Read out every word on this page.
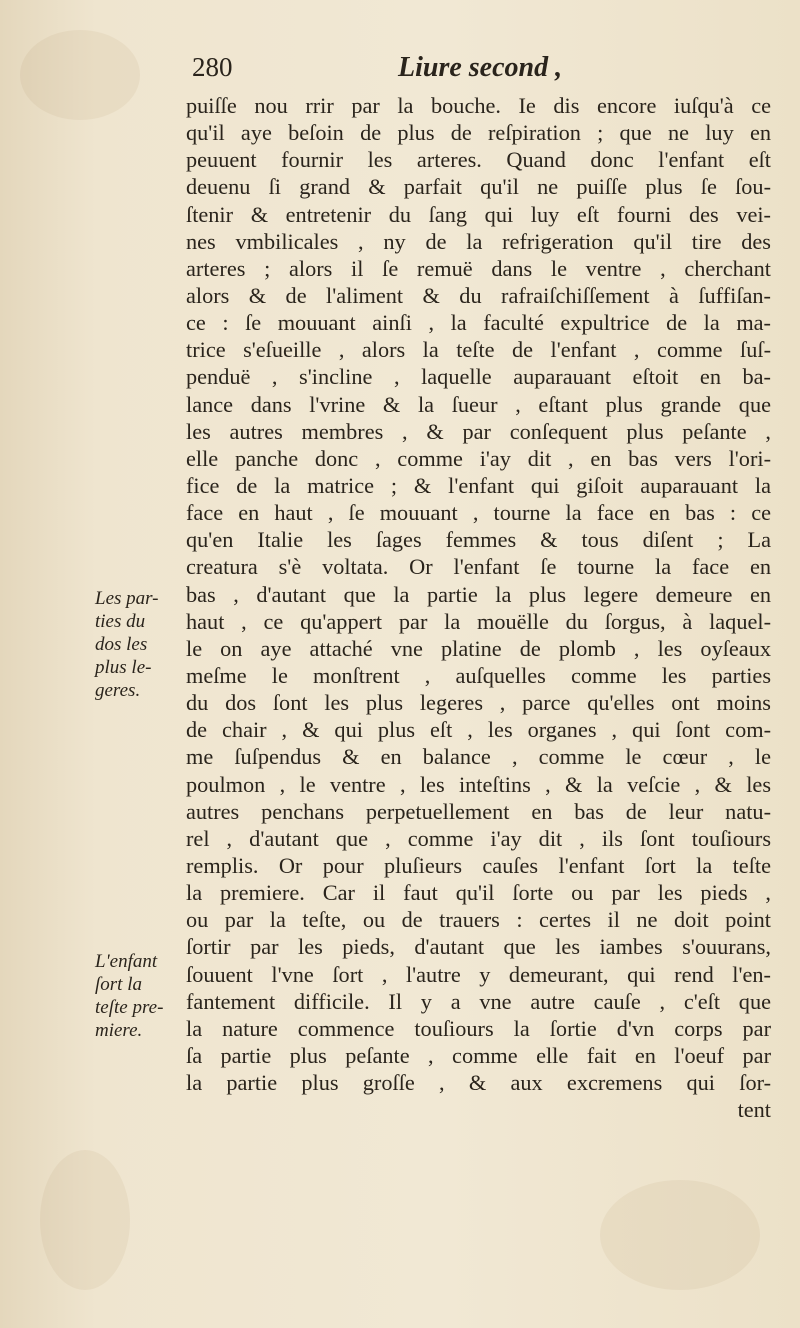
280	Liure second ,
puiſſe nou rrir par la bouche. Ie dis encore iuſqu'à ce
qu'il aye beſoin de plus de reſpiration ; que ne luy en
peuuent fournir les arteres. Quand donc l'enfant eſt
deuenu ſi grand & parfait qu'il ne puiſſe plus ſe ſou-
ſtenir & entretenir du ſang qui luy eſt fourni des vei-
nes vmbilicales , ny de la refrigeration qu'il tire des
arteres ; alors il ſe remuë dans le ventre , cherchant
alors & de l'aliment & du rafraiſchiſſement à ſuffiſan-
ce : ſe mouuant ainſi , la faculté expultrice de la ma-
trice s'eſueille , alors la teſte de l'enfant , comme ſuſ-
penduë , s'incline , laquelle auparauant eſtoit en ba-
lance dans l'vrine & la ſueur , eſtant plus grande que
les autres membres , & par conſequent plus peſante ,
elle panche donc , comme i'ay dit , en bas vers l'ori-
fice de la matrice ; & l'enfant qui giſoit auparauant la
face en haut , ſe mouuant , tourne la face en bas : ce
qu'en Italie les ſages femmes & tous diſent ; La
creatura s'è voltata. Or l'enfant ſe tourne la face en
bas , d'autant que la partie la plus legere demeure en
haut , ce qu'appert par la mouëlle du ſorgus, à laquel-
le on aye attaché vne platine de plomb , les oyſeaux
meſme le monſtrent , auſquelles comme les parties
du dos ſont les plus legeres , parce qu'elles ont moins
de chair , & qui plus eſt , les organes , qui ſont com-
me ſuſpendus & en balance , comme le cœur , le
poulmon , le ventre , les inteſtins , & la veſcie , & les
autres penchans perpetuellement en bas de leur natu-
rel , d'autant que , comme i'ay dit , ils ſont touſiours
remplis. Or pour pluſieurs cauſes l'enfant ſort la teſte
la premiere. Car il faut qu'il ſorte ou par les pieds ,
ou par la teſte, ou de trauers : certes il ne doit point
ſortir par les pieds, d'autant que les iambes s'ouurans,
ſouuent l'vne ſort , l'autre y demeurant, qui rend l'en-
fantement difficile. Il y a vne autre cauſe , c'eſt que
la nature commence touſiours la ſortie d'vn corps par
ſa partie plus peſante , comme elle fait en l'oeuf par
la partie plus groſſe , & aux excremens qui ſor-
tent
Les par-
ties du
dos les
plus le-
geres.
L'enfant
ſort la
teſte pre-
miere.
